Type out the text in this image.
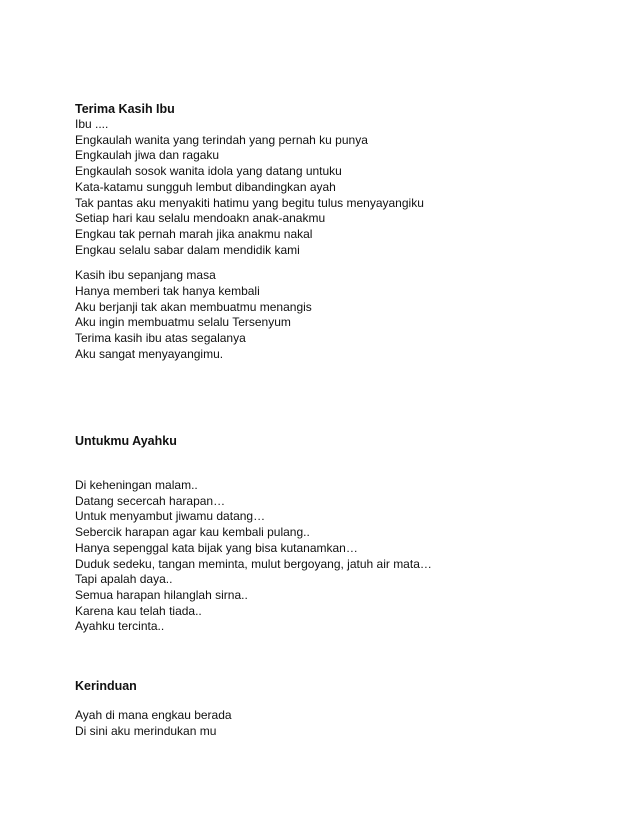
Terima Kasih Ibu

Ibu ....

Engkaulah wanita yang terindah yang pernah ku punya

Engkaulah jiwa dan ragaku

Engkaulah sosok wanita idola yang datang untuku

Kata-katamu sungguh lembut dibandingkan ayah

Tak pantas aku menyakiti hatimu yang begitu tulus menyayangiku

Setiap hari kau selalu mendoakn anak-anakmu

Engkau tak pernah marah jika anakmu nakal

Engkau selalu sabar dalam mendidik kami

Kasih ibu sepanjang masa

Hanya memberi tak hanya kembali

Aku berjanji tak akan membuatmu menangis

Aku ingin membuatmu selalu Tersenyum

Terima kasih ibu atas segalanya

Aku sangat menyayangimu.

Untukmu Ayahku

Di keheningan malam..

Datang secercah harapan…

Untuk menyambut jiwamu datang…

Sebercik harapan agar kau kembali pulang..

Hanya sepenggal kata bijak yang bisa kutanamkan…

Duduk sedeku, tangan meminta, mulut bergoyang, jatuh air mata…

Tapi apalah daya..

Semua harapan hilanglah sirna..

Karena kau telah tiada..

Ayahku tercinta..

Kerinduan

Ayah di mana engkau berada

Di sini aku merindukan mu
